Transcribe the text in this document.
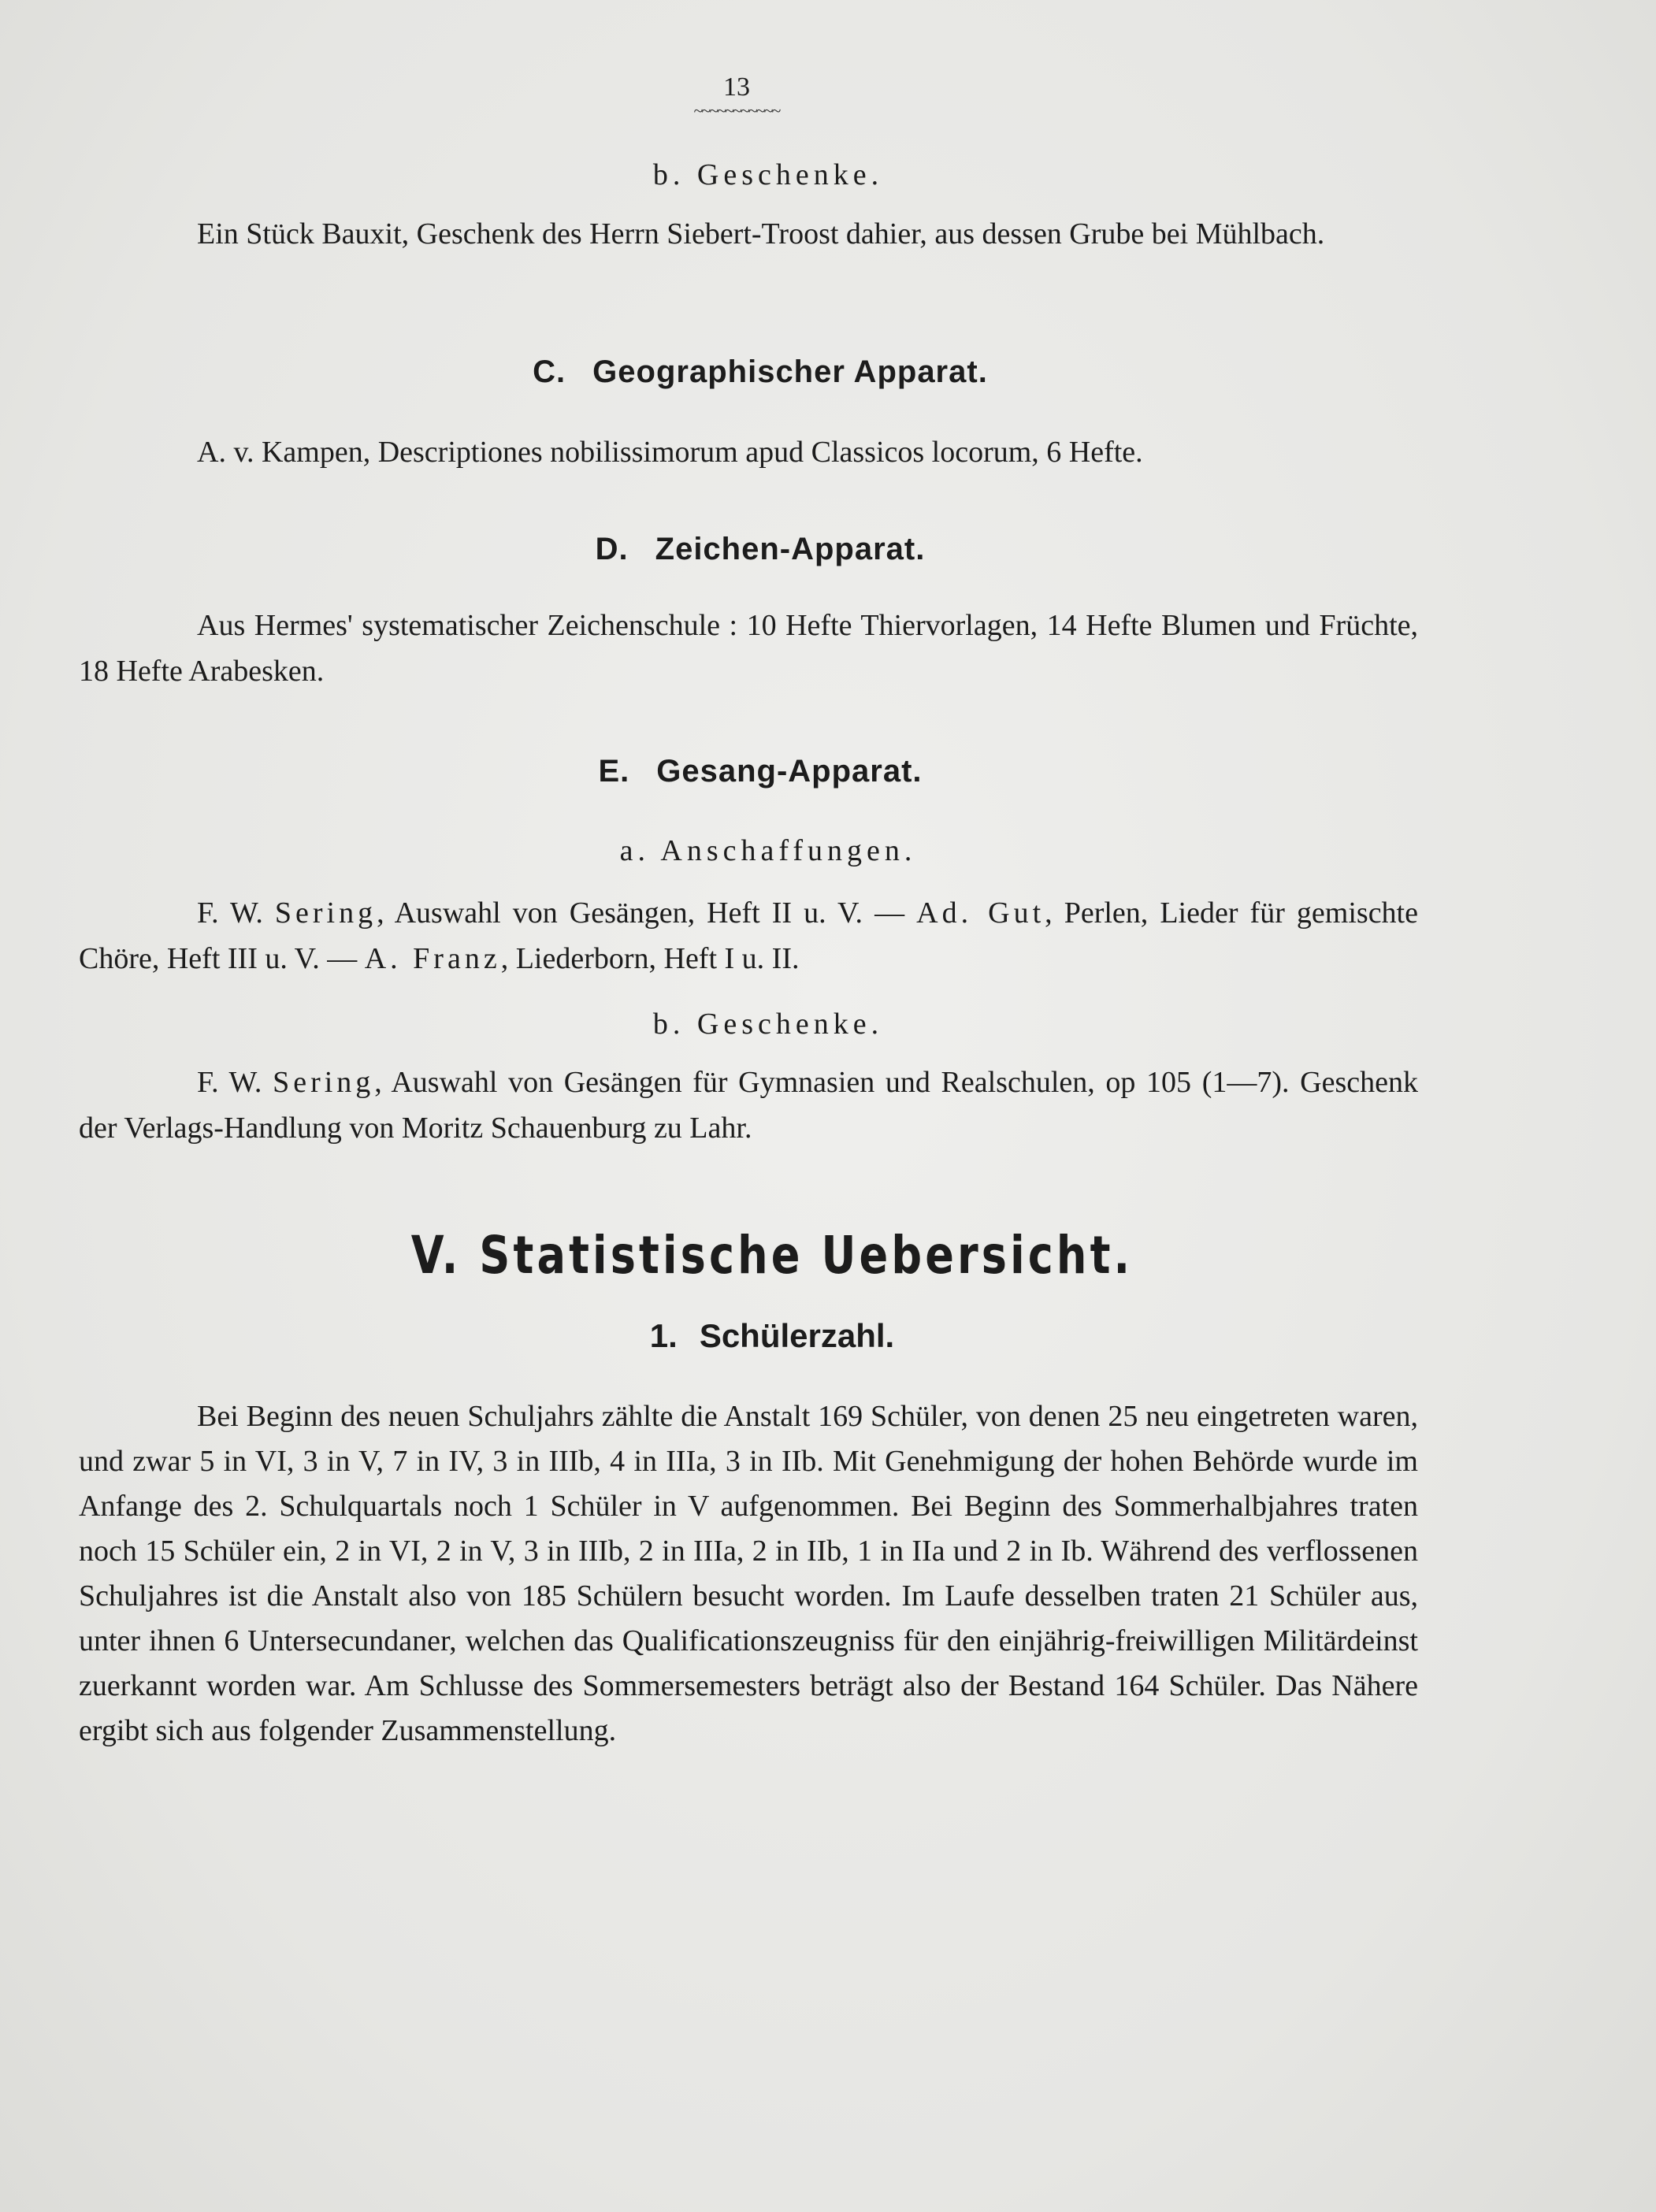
13
~~~~~~~~~~~
b. Geschenke.
Ein Stück Bauxit, Geschenk des Herrn Siebert-Troost dahier, aus dessen Grube bei Mühlbach.
C. Geographischer Apparat.
A. v. Kampen, Descriptiones nobilissimorum apud Classicos locorum, 6 Hefte.
D. Zeichen-Apparat.
Aus Hermes' systematischer Zeichenschule : 10 Hefte Thiervorlagen, 14 Hefte Blumen und Früchte, 18 Hefte Arabesken.
E. Gesang-Apparat.
a. Anschaffungen.
F. W. Sering, Auswahl von Gesängen, Heft II u. V. — Ad. Gut, Perlen, Lieder für gemischte Chöre, Heft III u. V. — A. Franz, Liederborn, Heft I u. II.
b. Geschenke.
F. W. Sering, Auswahl von Gesängen für Gymnasien und Realschulen, op 105 (1—7). Geschenk der Verlags-Handlung von Moritz Schauenburg zu Lahr.
V. Statistische Uebersicht.
1. Schülerzahl.
Bei Beginn des neuen Schuljahrs zählte die Anstalt 169 Schüler, von denen 25 neu eingetreten waren, und zwar 5 in VI, 3 in V, 7 in IV, 3 in IIIb, 4 in IIIa, 3 in IIb. Mit Genehmigung der hohen Behörde wurde im Anfange des 2. Schulquartals noch 1 Schüler in V aufgenommen. Bei Beginn des Sommerhalbjahres traten noch 15 Schüler ein, 2 in VI, 2 in V, 3 in IIIb, 2 in IIIa, 2 in IIb, 1 in IIa und 2 in Ib. Während des verflossenen Schuljahres ist die Anstalt also von 185 Schülern besucht worden. Im Laufe desselben traten 21 Schüler aus, unter ihnen 6 Untersecundaner, welchen das Qualificationszeugniss für den einjährig-freiwilligen Militärdeinst zuerkannt worden war. Am Schlusse des Sommersemesters beträgt also der Bestand 164 Schüler. Das Nähere ergibt sich aus folgender Zusammenstellung.
